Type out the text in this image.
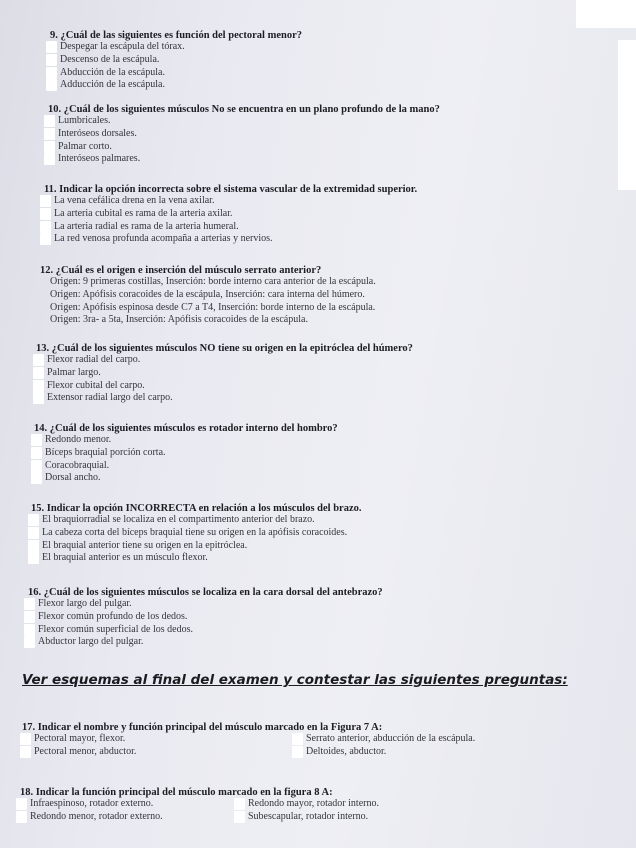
9. ¿Cuál de las siguientes es función del pectoral menor?
Despegar la escápula del tórax.
Descenso de la escápula.
Abducción de la escápula.
Adducción de la escápula.
10. ¿Cuál de los siguientes músculos No se encuentra en un plano profundo de la mano?
Lumbricales.
Interóseos dorsales.
Palmar corto.
Interóseos palmares.
11. Indicar la opción incorrecta sobre el sistema vascular de la extremidad superior.
La vena cefálica drena en la vena axilar.
La arteria cubital es rama de la arteria axilar.
La arteria radial es rama de la arteria humeral.
La red venosa profunda acompaña a arterias y nervios.
12. ¿Cuál es el origen e inserción del músculo serrato anterior?
Origen: 9 primeras costillas, Inserción: borde interno cara anterior de la escápula.
Origen: Apófisis coracoides de la escápula, Inserción: cara interna del húmero.
Origen: Apófisis espinosa desde C7 a T4, Inserción: borde interno de la escápula.
Origen: 3ra- a 5ta, Inserción: Apófisis coracoides de la escápula.
13. ¿Cuál de los siguientes músculos NO tiene su origen en la epitróclea del húmero?
Flexor radial del carpo.
Palmar largo.
Flexor cubital del carpo.
Extensor radial largo del carpo.
14. ¿Cuál de los siguientes músculos es rotador interno del hombro?
Redondo menor.
Bíceps braquial porción corta.
Coracobraquial.
Dorsal ancho.
15. Indicar la opción INCORRECTA en relación a los músculos del brazo.
El braquiorradial se localiza en el compartimento anterior del brazo.
La cabeza corta del bíceps braquial tiene su origen en la apófisis coracoides.
El braquial anterior tiene su origen en la epitróclea.
El braquial anterior es un músculo flexor.
16. ¿Cuál de los siguientes músculos se localiza en la cara dorsal del antebrazo?
Flexor largo del pulgar.
Flexor común profundo de los dedos.
Flexor común superficial de los dedos.
Abductor largo del pulgar.
Ver esquemas al final del examen y contestar las siguientes preguntas:
17. Indicar el nombre y función principal del músculo marcado en la Figura 7 A:
Pectoral mayor, flexor.
Pectoral menor, abductor.
Serrato anterior, abducción de la escápula.
Deltoides, abductor.
18. Indicar la función principal del músculo marcado en la figura 8 A:
Infraespinoso, rotador externo.
Redondo menor, rotador externo.
Redondo mayor, rotador interno.
Subescapular, rotador interno.
